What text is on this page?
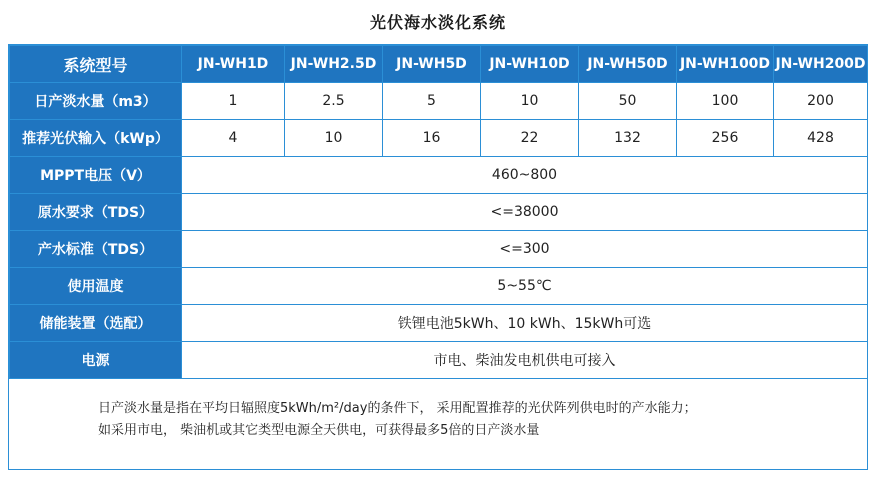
光伏海水淡化系统
系统型号	JN-WH1D	JN-WH2.5D	JN-WH5D	JN-WH10D	JN-WH50D	JN-WH100D	JN-WH200D
日产淡水量（m3）	1	2.5	5	10	50	100	200
推荐光伏输入（kWp）	4	10	16	22	132	256	428
MPPT电压（V）	460~800						
原水要求（TDS）	<=38000						
产水标准（TDS）	<=300						
使用温度	5~55℃						
储能装置（选配）	铁锂电池5kWh、10 kWh、15kWh可选						
电源	市电、柴油发电机供电可接入						
日产淡水量是指在平均日辐照度5kWh/m²/day的条件下， 采用配置推荐的光伏阵列供电时的产水能力；
如采用市电， 柴油机或其它类型电源全天供电，可获得最多5倍的日产淡水量
